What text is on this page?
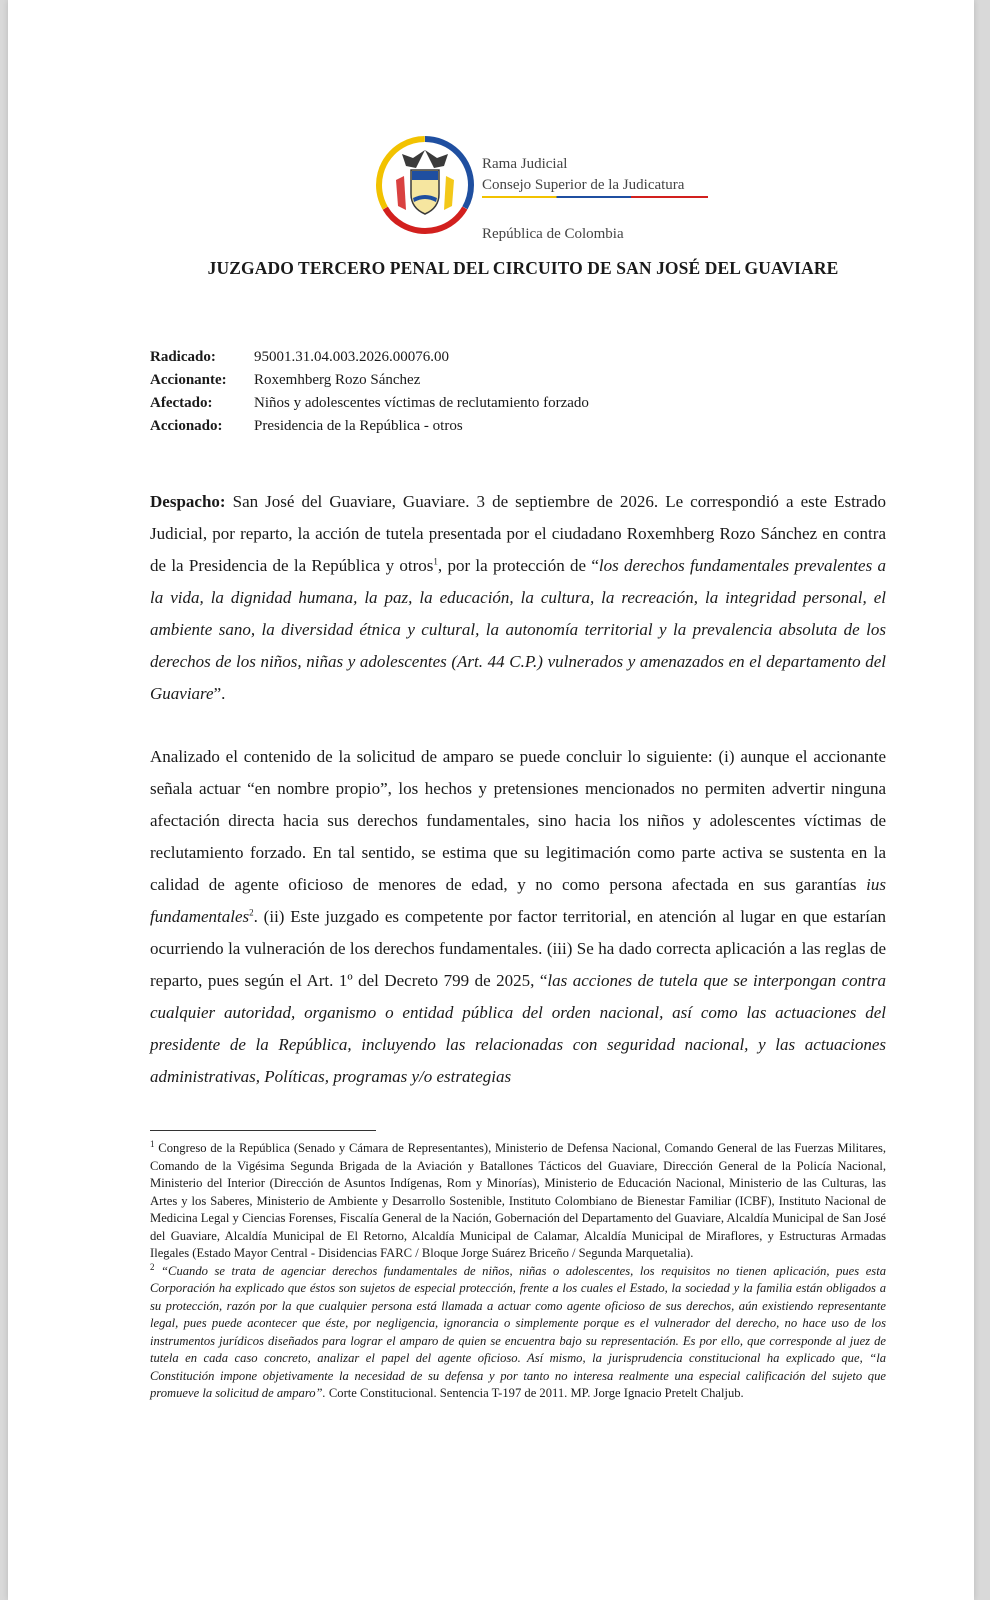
Rama Judicial
Consejo Superior de la Judicatura
República de Colombia
JUZGADO TERCERO PENAL DEL CIRCUITO DE SAN JOSÉ DEL GUAVIARE
Radicado:	95001.31.04.003.2026.00076.00
Accionante:	Roxemhberg Rozo Sánchez
Afectado:	Niños y adolescentes víctimas de reclutamiento forzado
Accionado:	Presidencia de la República - otros
Despacho: San José del Guaviare, Guaviare. 3 de septiembre de 2026. Le correspondió a este Estrado Judicial, por reparto, la acción de tutela presentada por el ciudadano Roxemhberg Rozo Sánchez en contra de la Presidencia de la República y otros$^1$, por la protección de “los derechos fundamentales prevalentes a la vida, la dignidad humana, la paz, la educación, la cultura, la recreación, la integridad personal, el ambiente sano, la diversidad étnica y cultural, la autonomía territorial y la prevalencia absoluta de los derechos de los niños, niñas y adolescentes (Art. 44 C.P.) vulnerados y amenazados en el departamento del Guaviare”.
Analizado el contenido de la solicitud de amparo se puede concluir lo siguiente: (i) aunque el accionante señala actuar “en nombre propio”, los hechos y pretensiones mencionados no permiten advertir ninguna afectación directa hacia sus derechos fundamentales, sino hacia los niños y adolescentes víctimas de reclutamiento forzado. En tal sentido, se estima que su legitimación como parte activa se sustenta en la calidad de agente oficioso de menores de edad, y no como persona afectada en sus garantías ius fundamentales$^2$. (ii) Este juzgado es competente por factor territorial, en atención al lugar en que estarían ocurriendo la vulneración de los derechos fundamentales. (iii) Se ha dado correcta aplicación a las reglas de reparto, pues según el Art. 1º del Decreto 799 de 2025, “las acciones de tutela que se interpongan contra cualquier autoridad, organismo o entidad pública del orden nacional, así como las actuaciones del presidente de la República, incluyendo las relacionadas con seguridad nacional, y las actuaciones administrativas, Políticas, programas y/o estrategias

$^1$ Congreso de la República (Senado y Cámara de Representantes), Ministerio de Defensa Nacional, Comando General de las Fuerzas Militares, Comando de la Vigésima Segunda Brigada de la Aviación y Batallones Tácticos del Guaviare, Dirección General de la Policía Nacional, Ministerio del Interior (Dirección de Asuntos Indígenas, Rom y Minorías), Ministerio de Educación Nacional, Ministerio de las Culturas, las Artes y los Saberes, Ministerio de Ambiente y Desarrollo Sostenible, Instituto Colombiano de Bienestar Familiar (ICBF), Instituto Nacional de Medicina Legal y Ciencias Forenses, Fiscalía General de la Nación, Gobernación del Departamento del Guaviare, Alcaldía Municipal de San José del Guaviare, Alcaldía Municipal de El Retorno, Alcaldía Municipal de Calamar, Alcaldía Municipal de Miraflores, y Estructuras Armadas Ilegales (Estado Mayor Central - Disidencias FARC / Bloque Jorge Suárez Briceño / Segunda Marquetalia).

$^2$ “Cuando se trata de agenciar derechos fundamentales de niños, niñas o adolescentes, los requisitos no tienen aplicación, pues esta Corporación ha explicado que éstos son sujetos de especial protección, frente a los cuales el Estado, la sociedad y la familia están obligados a su protección, razón por la que cualquier persona está llamada a actuar como agente oficioso de sus derechos, aún existiendo representante legal, pues puede acontecer que éste, por negligencia, ignorancia o simplemente porque es el vulnerador del derecho, no hace uso de los instrumentos jurídicos diseñados para lograr el amparo de quien se encuentra bajo su representación. Es por ello, que corresponde al juez de tutela en cada caso concreto, analizar el papel del agente oficioso. Así mismo, la jurisprudencia constitucional ha explicado que, “la Constitución impone objetivamente la necesidad de su defensa y por tanto no interesa realmente una especial calificación del sujeto que promueve la solicitud de amparo”. Corte Constitucional. Sentencia T-197 de 2011. MP. Jorge Ignacio Pretelt Chaljub.
